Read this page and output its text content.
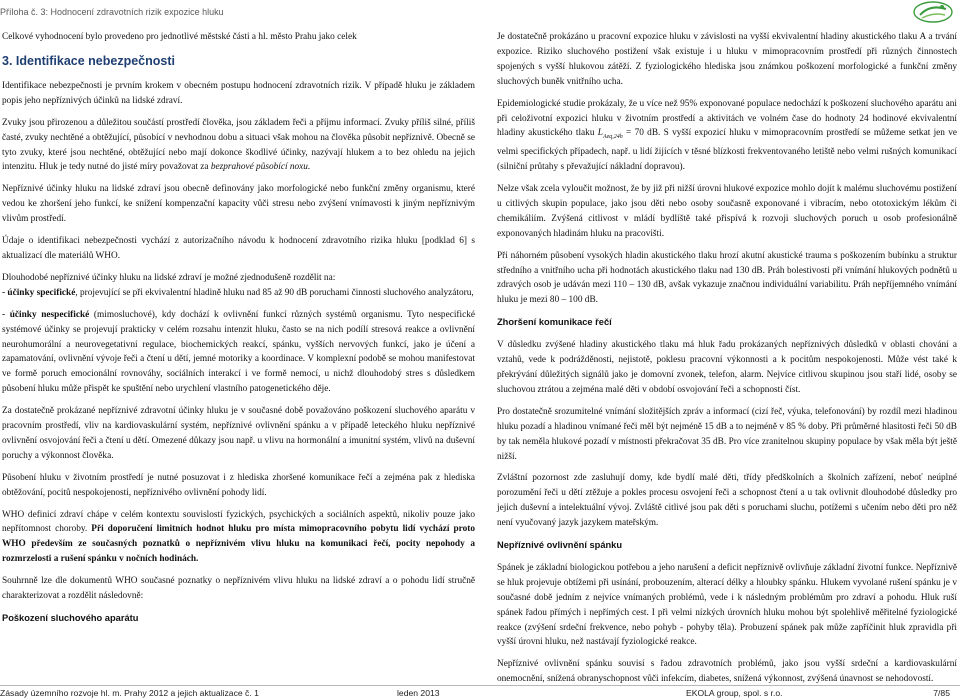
Příloha č. 3: Hodnocení zdravotních rizik expozice hluku

Celkové vyhodnocení bylo provedeno pro jednotlivé městské části a hl. město Prahu jako celek

3. Identifikace nebezpečnosti

Identifikace nebezpečnosti je prvním krokem v obecném postupu hodnocení zdravotních rizik. V případě hluku je základem popis jeho nepříznivých účinků na lidské zdraví.

Zvuky jsou přirozenou a důležitou součástí prostředí člověka, jsou základem řeči a příjmu informací. Zvuky příliš silné, příliš časté, zvuky nechtěné a obtěžující, působící v nevhodnou dobu a situaci však mohou na člověka působit nepříznivě. Obecně se tyto zvuky, které jsou nechtěné, obtěžující nebo mají dokonce škodlivé účinky, nazývají hlukem a to bez ohledu na jejich intenzitu. Hluk je tedy nutné do jisté míry považovat za bezprahové působící noxu.

Nepříznivé účinky hluku na lidské zdraví jsou obecně definovány jako morfologické nebo funkční změny organismu, které vedou ke zhoršení jeho funkcí, ke snížení kompenzační kapacity vůči stresu nebo zvýšení vnímavosti k jiným nepříznivým vlivům prostředí.

Údaje o identifikaci nebezpečnosti vychází z autorizačního návodu k hodnocení zdravotního rizika hluku [podklad 6] s aktualizací dle materiálů WHO.

Dlouhodobé nepříznivé účinky hluku na lidské zdraví je možné zjednodušeně rozdělit na:

- účinky specifické, projevující se při ekvivalentní hladině hluku nad 85 až 90 dB poruchami činnosti sluchového analyzátoru,

- účinky nespecifické (mimosluchové), kdy dochází k ovlivnění funkcí různých systémů organismu. Tyto nespecifické systémové účinky se projevují prakticky v celém rozsahu intenzit hluku, často se na nich podílí stresová reakce a ovlivnění neurohumorální a neurovegetativní regulace, biochemických reakcí, spánku, vyšších nervových funkcí, jako je účení a zapamatování, ovlivnění vývoje řeči a čtení u dětí, jemné motoriky a koordinace. V komplexní podobě se mohou manifestovat ve formě poruch emocionální rovnováhy, sociálních interakcí i ve formě nemocí, u nichž dlouhodobý stres s důsledkem působení hluku může přispět ke spuštění nebo urychlení vlastního patogenetického děje.

Za dostatečně prokázané nepříznivé zdravotní účinky hluku je v současné době považováno poškození sluchového aparátu v pracovním prostředí, vliv na kardiovaskulární systém, nepříznivé ovlivnění spánku a v případě leteckého hluku nepříznivé ovlivnění osvojování řeči a čtení u dětí. Omezené důkazy jsou např. u vlivu na hormonální a imunitní systém, vlivů na duševní poruchy a výkonnost člověka.

Působení hluku v životním prostředí je nutné posuzovat i z hlediska zhoršené komunikace řečí a zejména pak z hlediska obtěžování, pocitů nespokojenosti, nepříznivého ovlivnění pohody lidí.

WHO definicí zdraví chápe v celém kontextu souvislostí fyzických, psychických a sociálních aspektů, nikoliv pouze jako nepřítomnost choroby. Při doporučení limitních hodnot hluku pro místa mimopracovního pobytu lidí vychází proto WHO především ze současných poznatků o nepříznivém vlivu hluku na komunikaci řečí, pocity nepohody a rozmrzelosti a rušení spánku v nočních hodinách.

Souhrnně lze dle dokumentů WHO současné poznatky o nepříznivém vlivu hluku na lidské zdraví a o pohodu lidí stručně charakterizovat a rozdělit následovně:

Poškození sluchového aparátu

Je dostatečně prokázáno u pracovní expozice hluku v závislosti na vyšší ekvivalentní hladiny akustického tlaku A a trvání expozice. Riziko sluchového postižení však existuje i u hluku v mimopracovním prostředí při různých činnostech spojených s vyšší hlukovou zátěží. Z fyziologického hlediska jsou známkou poškození morfologické a funkční změny sluchových buněk vnitřního ucha.

Epidemiologické studie prokázaly, že u více než 95% exponované populace nedochází k poškození sluchového aparátu ani při celoživotní expozici hluku v životním prostředí a aktivitách ve volném čase do hodnoty 24 hodinové ekvivalentní hladiny akustického tlaku $L_{Aeq,24h} = 70$ dB. S vyšší expozicí hluku v mimopracovním prostředí se můžeme setkat jen ve velmi specifických případech, např. u lidí žijících v těsné blízkosti frekventovaného letiště nebo velmi rušných komunikací (silniční průtahy s převažující nákladní dopravou).

Nelze však zcela vyloučit možnost, že by již při nižší úrovni hlukové expozice mohlo dojít k malému sluchovému postižení u citlivých skupin populace, jako jsou děti nebo osoby současně exponované i vibracím, nebo ototoxickým lékům či chemikáliím. Zvýšená citlivost v mládí bydlíště také přispívá k rozvoji sluchových poruch u osob profesionálně exponovaných hladinám hluku na pracovišti.

Při náhorném působení vysokých hladin akustického tlaku hrozí akutní akustické trauma s poškozením bubínku a struktur středního a vnitřního ucha při hodnotách akustického tlaku nad 130 dB. Práh bolestivosti při vnímání hlukových podnětů u zdravých osob je udáván mezi 110 – 130 dB, avšak vykazuje značnou individuální variabilitu. Práh nepříjemného vnímání hluku je mezi 80 – 100 dB.

Zhoršení komunikace řečí

V důsledku zvýšené hladiny akustického tlaku má hluk řadu prokázaných nepříznivých důsledků v oblasti chování a vztahů, vede k podrážděnosti, nejistotě, poklesu pracovní výkonnosti a k pocitům nespokojenosti. Může vést také k překrývání důležitých signálů jako je domovní zvonek, telefon, alarm. Nejvíce citlivou skupinou jsou staří lidé, osoby se sluchovou ztrátou a zejména malé děti v období osvojování řeči a schopnosti číst.

Pro dostatečně srozumitelné vnímání složitějších zpráv a informací (cizí řeč, výuka, telefonování) by rozdíl mezi hladinou hluku pozadí a hladinou vnímané řeči měl být nejméně 15 dB a to nejméně v 85 % doby. Při průměrné hlasitosti řeči 50 dB by tak neměla hlukové pozadí v místnosti překračovat 35 dB. Pro více zranitelnou skupiny populace by však měla být ještě nižší.

Zvláštní pozornost zde zasluhují domy, kde bydlí malé děti, třídy předškolních a školních zařízení, neboť neúplné porozumění řeči u dětí ztěžuje a pokles procesu osvojení řeči a schopnost čtení a u tak ovlivnit dlouhodobé důsledky pro jejich duševní a intelektuální vývoj. Zvláště citlivé jsou pak děti s poruchami sluchu, potížemi s učením nebo děti pro něž není vyučovaný jazyk jazykem mateřským.

Nepříznivé ovlivnění spánku

Spánek je základní biologickou potřebou a jeho narušení a deficit nepříznivě ovlivňuje základní životní funkce. Nepříznivě se hluk projevuje obtížemi při usínání, probouzením, alterací délky a hloubky spánku. Hlukem vyvolané rušení spánku je v současné době jedním z nejvíce vnímaných problémů, vede i k následným problémům pro zdraví a pohodu. Hluk ruší spánek řadou přímých i nepřímých cest. I při velmi nízkých úrovních hluku mohou být spolehlivě měřitelné fyziologické reakce (zvýšení srdeční frekvence, nebo pohyb - pohyby těla). Probuzení spánek pak může zapříčinit hluk zpravidla při vyšší úrovni hluku, než nastávají fyziologické reakce.

Nepříznivé ovlivnění spánku souvisí s řadou zdravotních problémů, jako jsou vyšší srdeční a kardiovaskulární onemocnění, snížená obranyschopnost vůči infekcím, diabetes, snížená výkonnost, zvýšená únavnost se nehodovostí.

Zásady územního rozvoje hl. m. Prahy 2012 a jejich aktualizace č. 1	leden 2013	EKOLA group, spol. s r.o.	7/85
